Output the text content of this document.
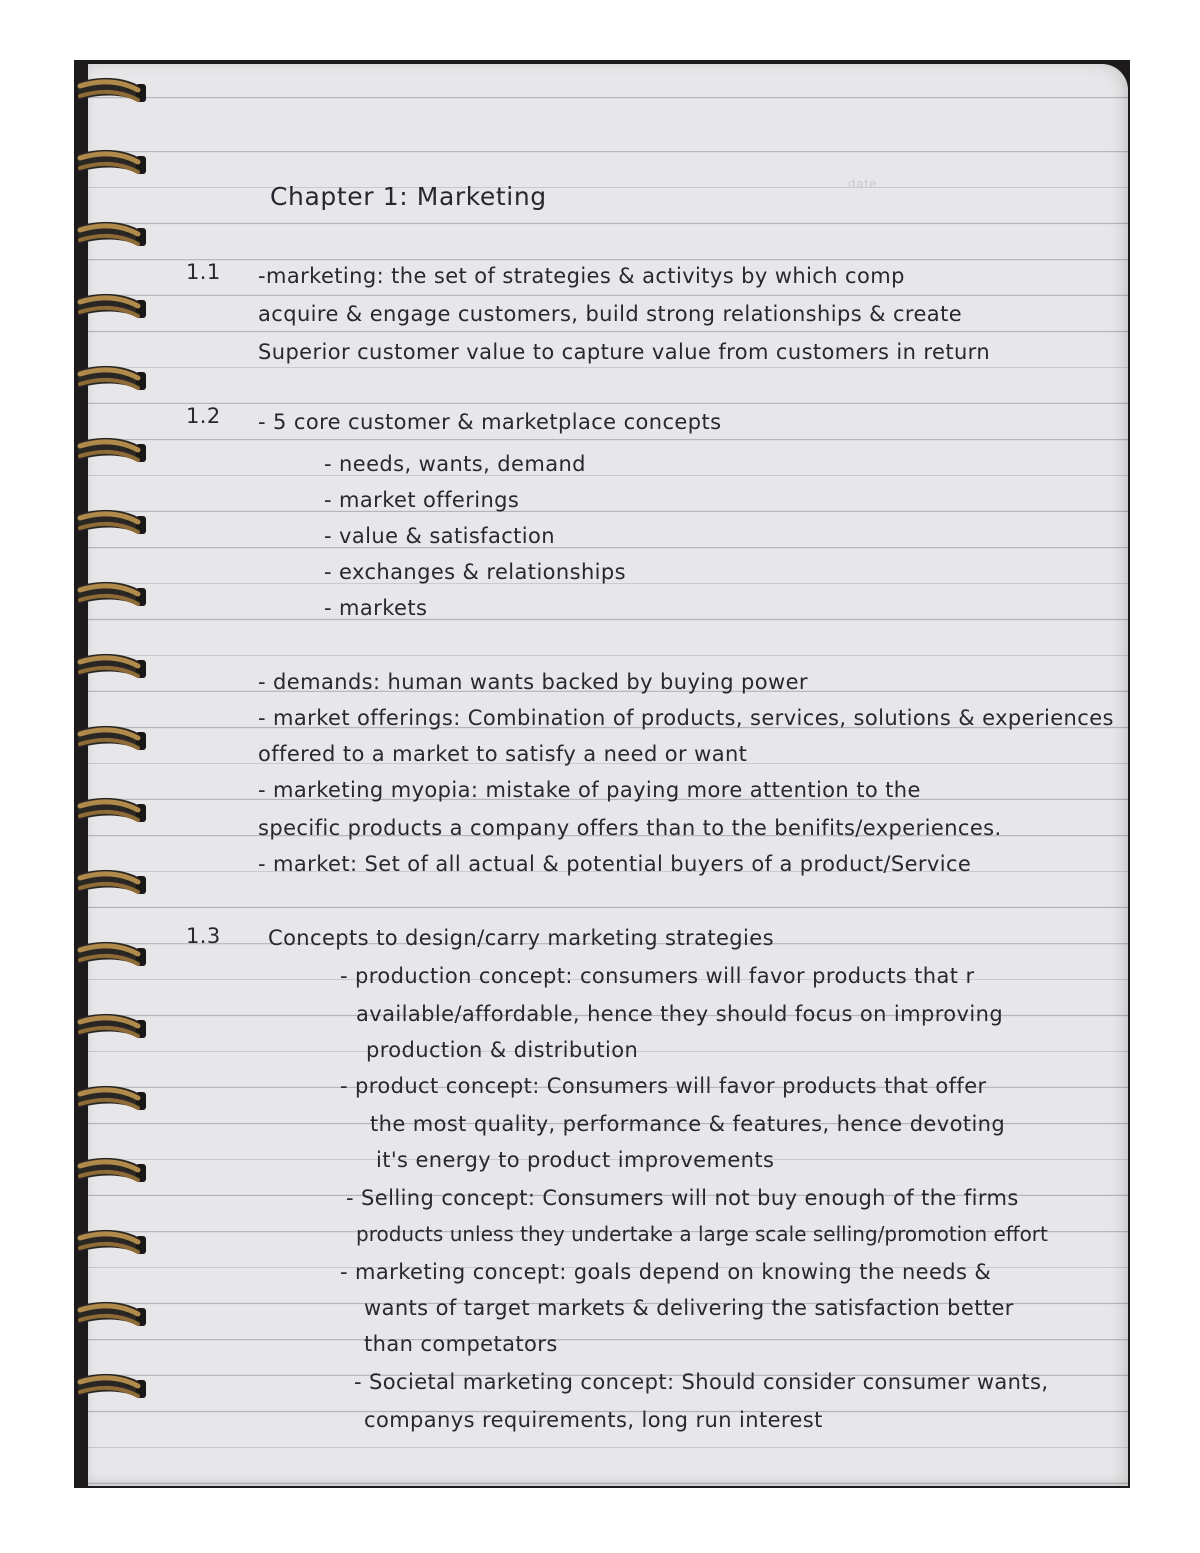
date
Chapter 1: Marketing
1.1 -marketing: the set of strategies & activitys by which comp
acquire & engage customers, build strong relationships & create
Superior customer value to capture value from customers in return
1.2 - 5 core customer & marketplace concepts
- needs, wants, demand
- market offerings
- value & satisfaction
- exchanges & relationships
- markets
- demands: human wants backed by buying power
- market offerings: Combination of products, services, solutions & experiences
offered to a market to satisfy a need or want
- marketing myopia: mistake of paying more attention to the
specific products a company offers than to the benifits/experiences.
- market: Set of all actual & potential buyers of a product/Service
1.3 Concepts to design/carry marketing strategies
- production concept: consumers will favor products that r
available/affordable, hence they should focus on improving
production & distribution
- product concept: Consumers will favor products that offer
the most quality, performance & features, hence devoting
it's energy to product improvements
- Selling concept: Consumers will not buy enough of the firms
products unless they undertake a large scale selling/promotion effort
- marketing concept: goals depend on knowing the needs &
wants of target markets & delivering the satisfaction better
than competators
- Societal marketing concept: Should consider consumer wants,
companys requirements, long run interest
